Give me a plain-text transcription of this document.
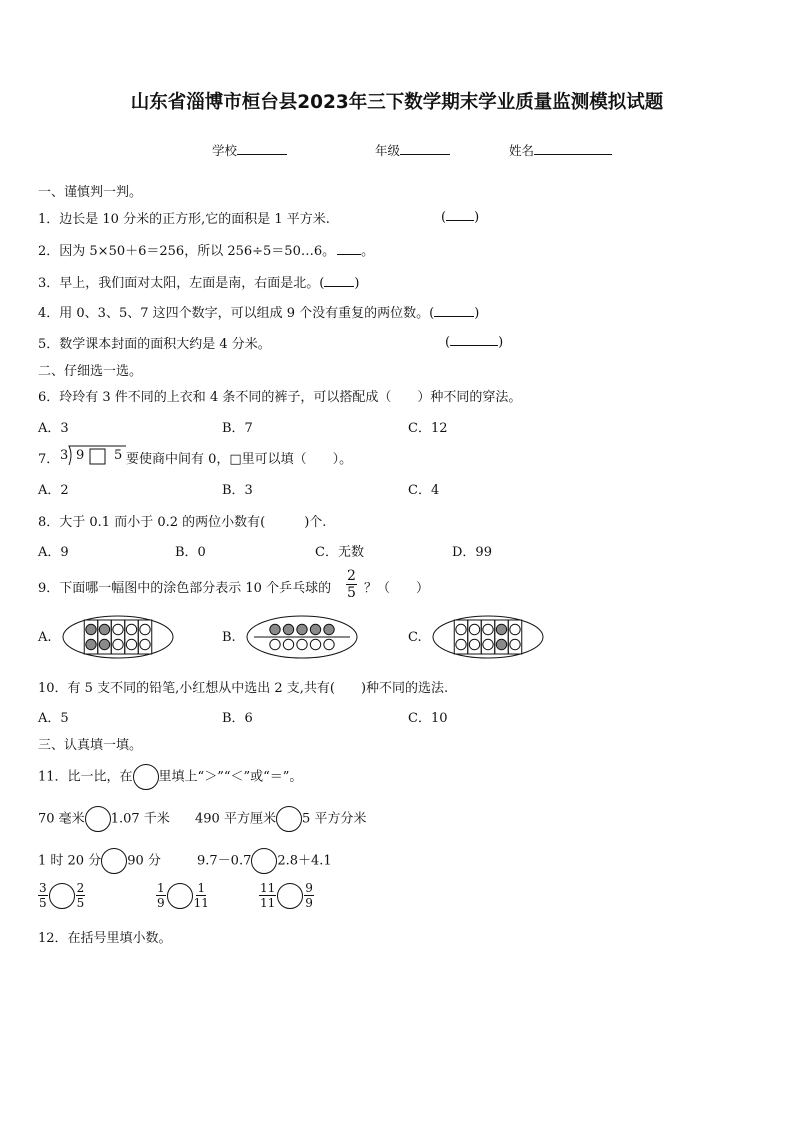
山东省淄博市桓台县2023年三下数学期末学业质量监测模拟试题
学校	年级	姓名
一、谨慎判一判。
1．边长是 10 分米的正方形,它的面积是 1 平方米.	( )
2．因为 5×50＋6＝256，所以 256÷5＝50…6。 。
3．早上，我们面对太阳，左面是南，右面是北。( )
4．用 0、3、5、7 这四个数字，可以组成 9 个没有重复的两位数。(	)
5．数学课本封面的面积大约是 4 分米。	(	)
二、仔细选一选。
6．玲玲有 3 件不同的上衣和 4 条不同的裤子，可以搭配成（　　）种不同的穿法。
A．3	B．7	C．12
7． 3 9 5 要使商中间有 0，□里可以填（　　）。
A．2	B．3	C．4
8．大于 0.1 而小于 0.2 的两位小数有(　　　)个.
A．9	B．0	C．无数	D．99
9．下面哪一幅图中的涂色部分表示 10 个乒乓球的 $\frac{2}{5}$ ？（　　）
A.	B.	C.
10．有 5 支不同的铅笔,小红想从中选出 2 支,共有(　　)种不同的选法.
A．5	B．6	C．10
三、认真填一填。
11．比一比，在 里填上“＞”“＜”或“＝”。
70 毫米 1.07 千米 490 平方厘米 5 平方分米
1 时 20 分 90 分	9.7－0.7 2.8＋4.1
$\frac{3}{5} \frac{2}{5}$	$\frac{1}{9} \frac{1}{11}$	$\frac{11}{11} \frac{9}{9}$
12．在括号里填小数。
